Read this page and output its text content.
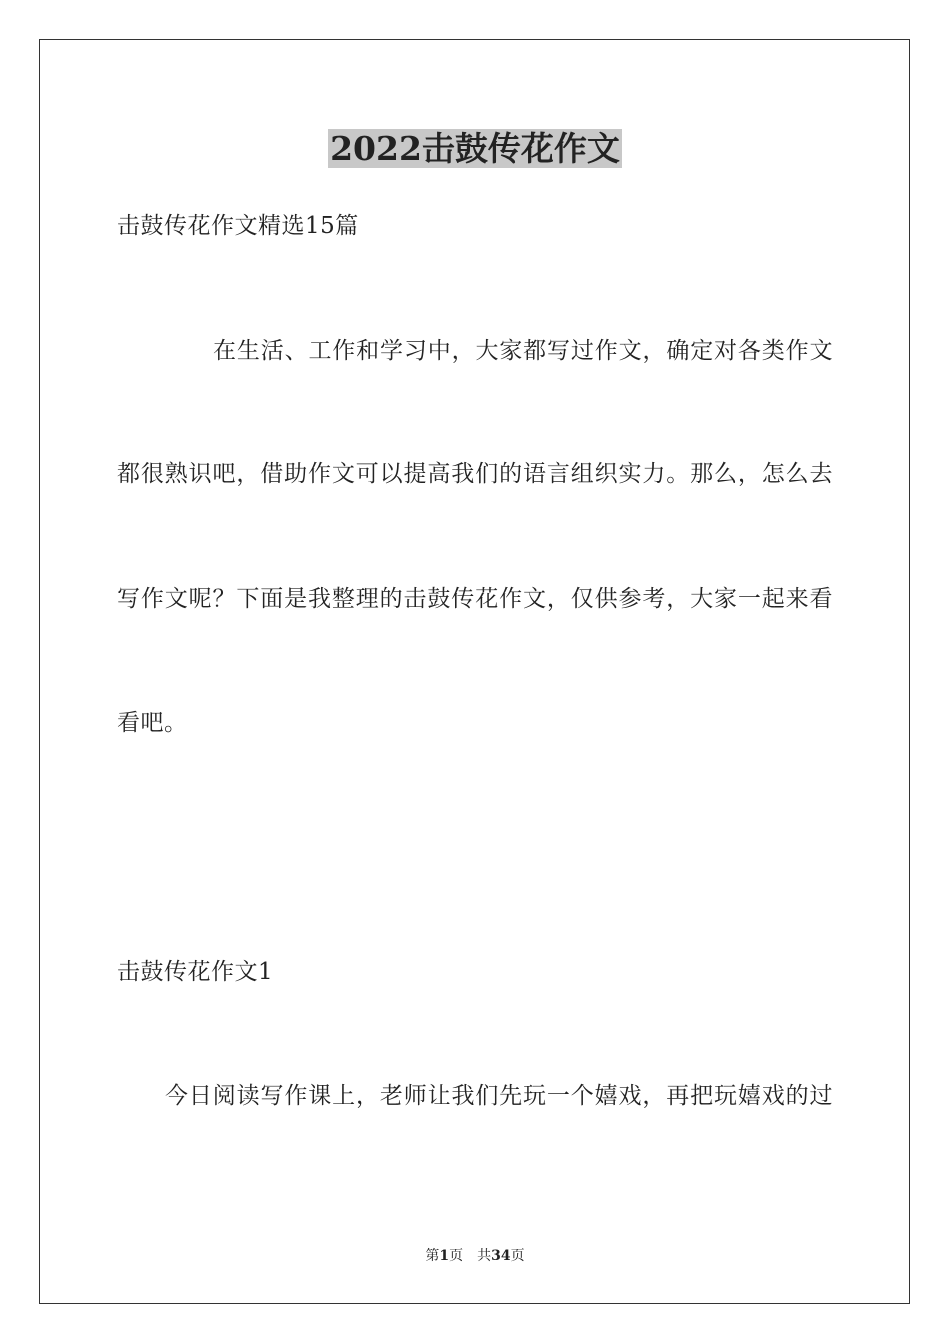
2022击鼓传花作文
击鼓传花作文精选15篇
在生活、工作和学习中，大家都写过作文，确定对各类作文
都很熟识吧，借助作文可以提高我们的语言组织实力。那么，怎么去
写作文呢？下面是我整理的击鼓传花作文，仅供参考，大家一起来看
看吧。
击鼓传花作文1
今日阅读写作课上，老师让我们先玩一个嬉戏，再把玩嬉戏的过
第1页 共34页
